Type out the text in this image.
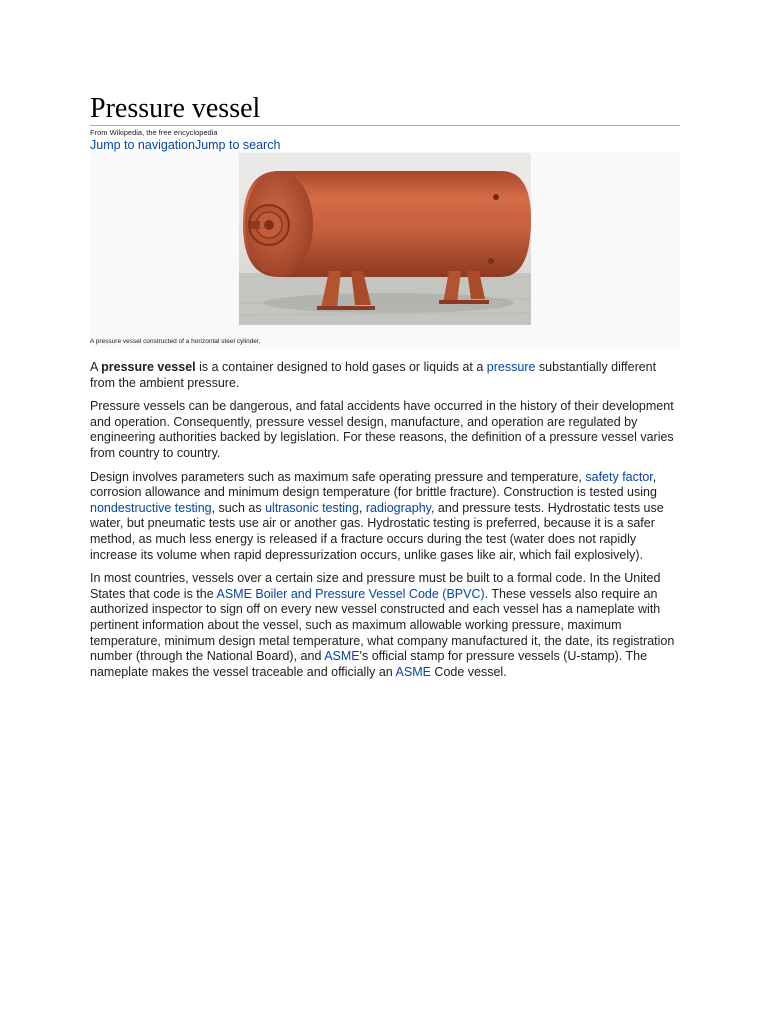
Pressure vessel
From Wikipedia, the free encyclopedia
Jump to navigationJump to search
A pressure vessel constructed of a horizontal steel cylinder.

A pressure vessel is a container designed to hold gases or liquids at a pressure substantially different from the ambient pressure.

Pressure vessels can be dangerous, and fatal accidents have occurred in the history of their development and operation. Consequently, pressure vessel design, manufacture, and operation are regulated by engineering authorities backed by legislation. For these reasons, the definition of a pressure vessel varies from country to country.

Design involves parameters such as maximum safe operating pressure and temperature, safety factor, corrosion allowance and minimum design temperature (for brittle fracture). Construction is tested using nondestructive testing, such as ultrasonic testing, radiography, and pressure tests. Hydrostatic tests use water, but pneumatic tests use air or another gas. Hydrostatic testing is preferred, because it is a safer method, as much less energy is released if a fracture occurs during the test (water does not rapidly increase its volume when rapid depressurization occurs, unlike gases like air, which fail explosively).

In most countries, vessels over a certain size and pressure must be built to a formal code. In the United States that code is the ASME Boiler and Pressure Vessel Code (BPVC). These vessels also require an authorized inspector to sign off on every new vessel constructed and each vessel has a nameplate with pertinent information about the vessel, such as maximum allowable working pressure, maximum temperature, minimum design metal temperature, what company manufactured it, the date, its registration number (through the National Board), and ASME's official stamp for pressure vessels (U-stamp). The nameplate makes the vessel traceable and officially an ASME Code vessel.
